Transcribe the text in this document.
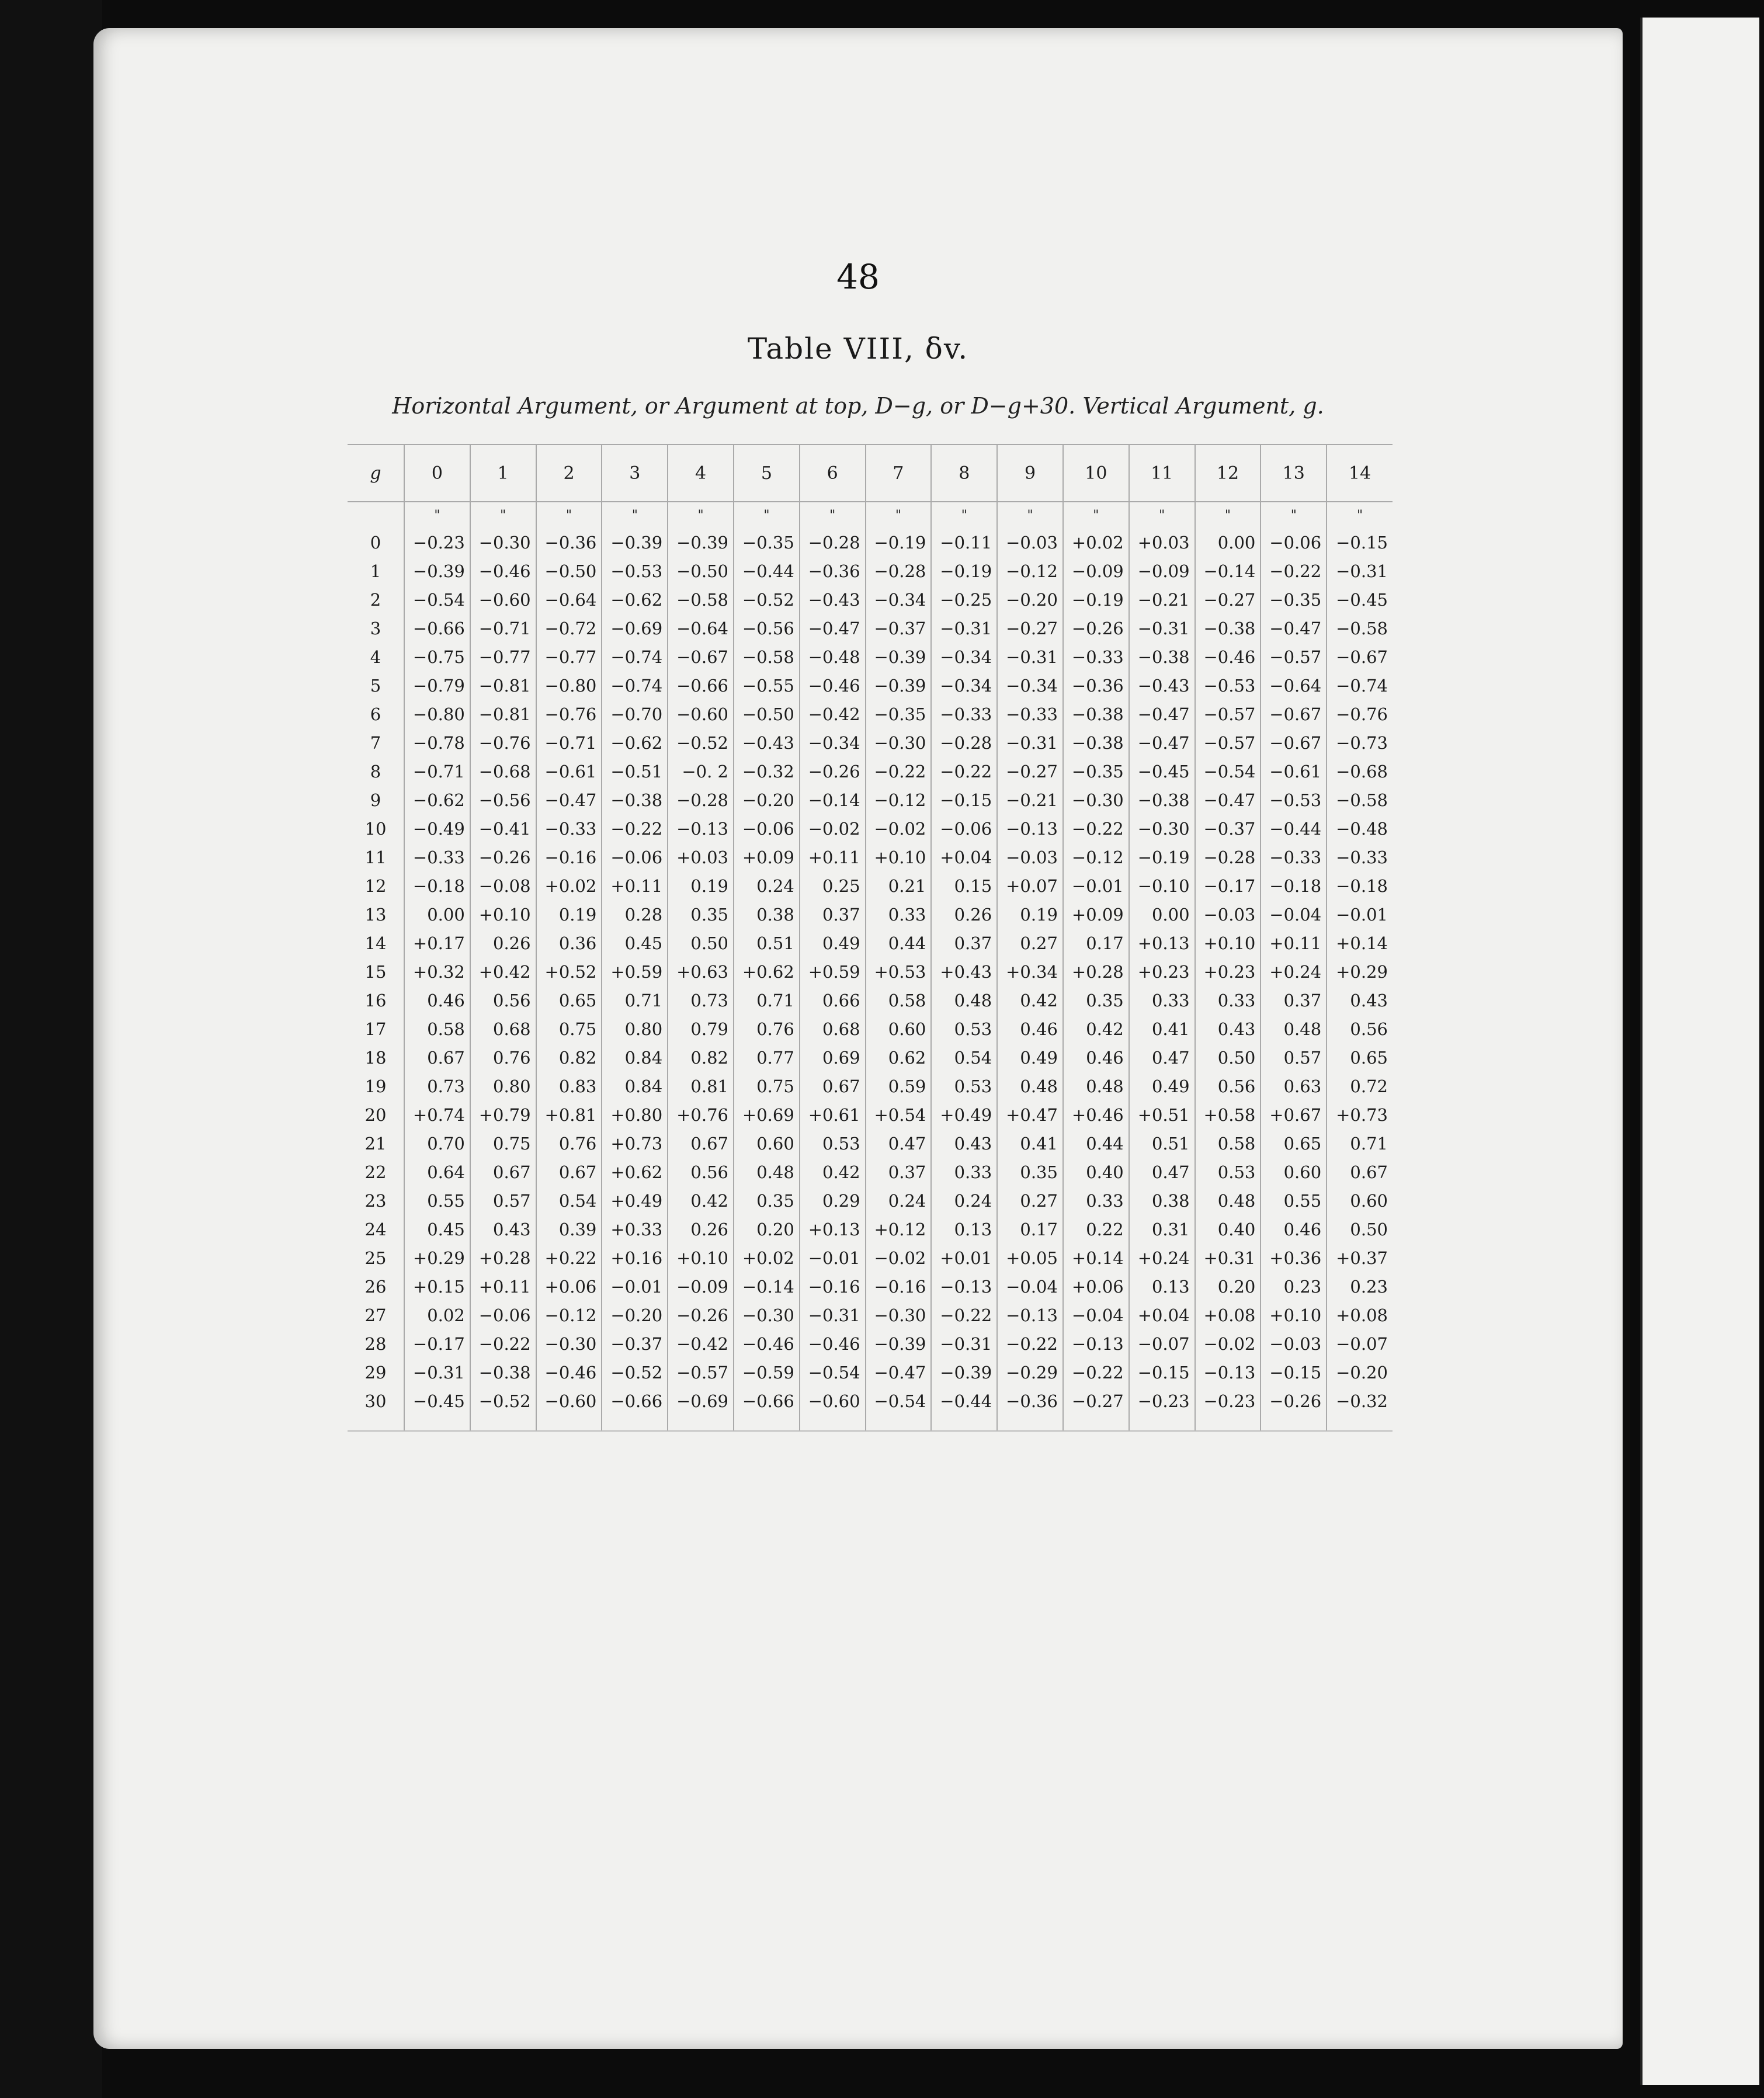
48
Table VIII, δv.
Horizontal Argument, or Argument at top, D−g, or D−g+30. Vertical Argument, g.
g	0	1	2	3	4	5	6	7	8	9	10	11	12	13	14
	"	"	"	"	"	"	"	"	"	"	"	"	"	"	"
0	−0.23	−0.30	−0.36	−0.39	−0.39	−0.35	−0.28	−0.19	−0.11	−0.03	+0.02	+0.03	0.00	−0.06	−0.15
1	−0.39	−0.46	−0.50	−0.53	−0.50	−0.44	−0.36	−0.28	−0.19	−0.12	−0.09	−0.09	−0.14	−0.22	−0.31
2	−0.54	−0.60	−0.64	−0.62	−0.58	−0.52	−0.43	−0.34	−0.25	−0.20	−0.19	−0.21	−0.27	−0.35	−0.45
3	−0.66	−0.71	−0.72	−0.69	−0.64	−0.56	−0.47	−0.37	−0.31	−0.27	−0.26	−0.31	−0.38	−0.47	−0.58
4	−0.75	−0.77	−0.77	−0.74	−0.67	−0.58	−0.48	−0.39	−0.34	−0.31	−0.33	−0.38	−0.46	−0.57	−0.67
5	−0.79	−0.81	−0.80	−0.74	−0.66	−0.55	−0.46	−0.39	−0.34	−0.34	−0.36	−0.43	−0.53	−0.64	−0.74
6	−0.80	−0.81	−0.76	−0.70	−0.60	−0.50	−0.42	−0.35	−0.33	−0.33	−0.38	−0.47	−0.57	−0.67	−0.76
7	−0.78	−0.76	−0.71	−0.62	−0.52	−0.43	−0.34	−0.30	−0.28	−0.31	−0.38	−0.47	−0.57	−0.67	−0.73
8	−0.71	−0.68	−0.61	−0.51	−0. 2	−0.32	−0.26	−0.22	−0.22	−0.27	−0.35	−0.45	−0.54	−0.61	−0.68
9	−0.62	−0.56	−0.47	−0.38	−0.28	−0.20	−0.14	−0.12	−0.15	−0.21	−0.30	−0.38	−0.47	−0.53	−0.58
10	−0.49	−0.41	−0.33	−0.22	−0.13	−0.06	−0.02	−0.02	−0.06	−0.13	−0.22	−0.30	−0.37	−0.44	−0.48
11	−0.33	−0.26	−0.16	−0.06	+0.03	+0.09	+0.11	+0.10	+0.04	−0.03	−0.12	−0.19	−0.28	−0.33	−0.33
12	−0.18	−0.08	+0.02	+0.11	0.19	0.24	0.25	0.21	0.15	+0.07	−0.01	−0.10	−0.17	−0.18	−0.18
13	0.00	+0.10	0.19	0.28	0.35	0.38	0.37	0.33	0.26	0.19	+0.09	0.00	−0.03	−0.04	−0.01
14	+0.17	0.26	0.36	0.45	0.50	0.51	0.49	0.44	0.37	0.27	0.17	+0.13	+0.10	+0.11	+0.14
15	+0.32	+0.42	+0.52	+0.59	+0.63	+0.62	+0.59	+0.53	+0.43	+0.34	+0.28	+0.23	+0.23	+0.24	+0.29
16	0.46	0.56	0.65	0.71	0.73	0.71	0.66	0.58	0.48	0.42	0.35	0.33	0.33	0.37	0.43
17	0.58	0.68	0.75	0.80	0.79	0.76	0.68	0.60	0.53	0.46	0.42	0.41	0.43	0.48	0.56
18	0.67	0.76	0.82	0.84	0.82	0.77	0.69	0.62	0.54	0.49	0.46	0.47	0.50	0.57	0.65
19	0.73	0.80	0.83	0.84	0.81	0.75	0.67	0.59	0.53	0.48	0.48	0.49	0.56	0.63	0.72
20	+0.74	+0.79	+0.81	+0.80	+0.76	+0.69	+0.61	+0.54	+0.49	+0.47	+0.46	+0.51	+0.58	+0.67	+0.73
21	0.70	0.75	0.76	+0.73	0.67	0.60	0.53	0.47	0.43	0.41	0.44	0.51	0.58	0.65	0.71
22	0.64	0.67	0.67	+0.62	0.56	0.48	0.42	0.37	0.33	0.35	0.40	0.47	0.53	0.60	0.67
23	0.55	0.57	0.54	+0.49	0.42	0.35	0.29	0.24	0.24	0.27	0.33	0.38	0.48	0.55	0.60
24	0.45	0.43	0.39	+0.33	0.26	0.20	+0.13	+0.12	0.13	0.17	0.22	0.31	0.40	0.46	0.50
25	+0.29	+0.28	+0.22	+0.16	+0.10	+0.02	−0.01	−0.02	+0.01	+0.05	+0.14	+0.24	+0.31	+0.36	+0.37
26	+0.15	+0.11	+0.06	−0.01	−0.09	−0.14	−0.16	−0.16	−0.13	−0.04	+0.06	0.13	0.20	0.23	0.23
27	0.02	−0.06	−0.12	−0.20	−0.26	−0.30	−0.31	−0.30	−0.22	−0.13	−0.04	+0.04	+0.08	+0.10	+0.08
28	−0.17	−0.22	−0.30	−0.37	−0.42	−0.46	−0.46	−0.39	−0.31	−0.22	−0.13	−0.07	−0.02	−0.03	−0.07
29	−0.31	−0.38	−0.46	−0.52	−0.57	−0.59	−0.54	−0.47	−0.39	−0.29	−0.22	−0.15	−0.13	−0.15	−0.20
30	−0.45	−0.52	−0.60	−0.66	−0.69	−0.66	−0.60	−0.54	−0.44	−0.36	−0.27	−0.23	−0.23	−0.26	−0.32
